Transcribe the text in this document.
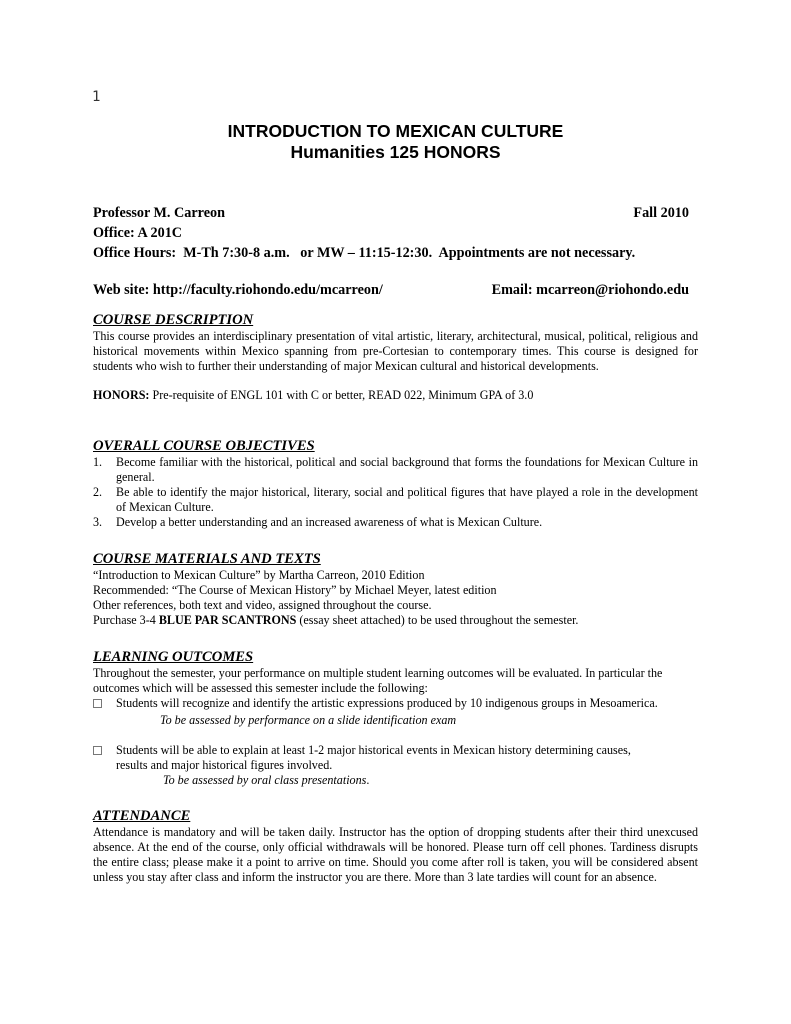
1
INTRODUCTION TO MEXICAN CULTURE
Humanities 125 HONORS
Professor M. Carreon	Fall 2010
Office: A 201C
Office Hours:  M-Th 7:30-8 a.m.   or MW – 11:15-12:30.  Appointments are not necessary.
Web site: http://faculty.riohondo.edu/mcarreon/	Email: mcarreon@riohondo.edu
COURSE DESCRIPTION
This course provides an interdisciplinary presentation of vital artistic, literary, architectural, musical, political, religious and historical movements within Mexico spanning from pre-Cortesian to contemporary times. This course is designed for students who wish to further their understanding of major Mexican cultural and historical developments.
HONORS: Pre-requisite of ENGL 101 with C or better, READ 022, Minimum GPA of 3.0
OVERALL COURSE OBJECTIVES
1.	Become familiar with the historical, political and social background that forms the foundations for Mexican Culture in general.
2.	Be able to identify the major historical, literary, social and political figures that have played a role in the development of Mexican Culture.
3.	Develop a better understanding and an increased awareness of what is Mexican Culture.
COURSE MATERIALS AND TEXTS
“Introduction to Mexican Culture” by Martha Carreon, 2010 Edition
Recommended: “The Course of Mexican History” by Michael Meyer, latest edition
Other references, both text and video, assigned throughout the course.
Purchase 3-4 BLUE PAR SCANTRONS (essay sheet attached) to be used throughout the semester.
LEARNING OUTCOMES
Throughout the semester, your performance on multiple student learning outcomes will be evaluated. In particular the outcomes which will be assessed this semester include the following:
Students will recognize and identify the artistic expressions produced by 10 indigenous groups in Mesoamerica.
To be assessed by performance on a slide identification exam
Students will be able to explain at least 1-2 major historical events in Mexican history determining causes,
results and major historical figures involved.
To be assessed by oral class presentations.
ATTENDANCE
Attendance is mandatory and will be taken daily. Instructor has the option of dropping students after their third unexcused absence. At the end of the course, only official withdrawals will be honored. Please turn off cell phones. Tardiness disrupts the entire class; please make it a point to arrive on time. Should you come after roll is taken, you will be considered absent unless you stay after class and inform the instructor you are there. More than 3 late tardies will count for an absence.
